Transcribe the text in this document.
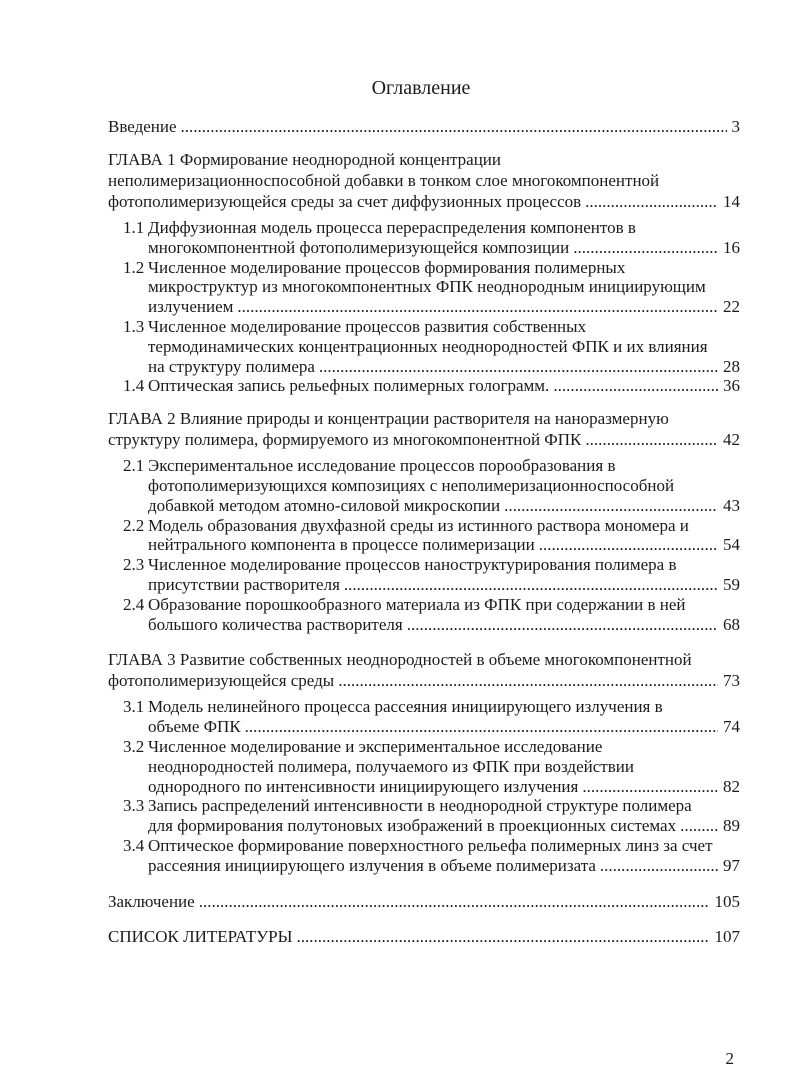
Оглавление
Введение .....	3
ГЛАВА 1 Формирование неоднородной концентрации
неполимеризационноспособной добавки в тонком слое многокомпонентной
фотополимеризующейся среды за счет диффузионных процессов .....	14
1.1 Диффузионная модель процесса перераспределения компонентов в
многокомпонентной фотополимеризующейся композиции .....	16
1.2 Численное моделирование процессов формирования полимерных
микроструктур из многокомпонентных ФПК неоднородным инициирующим
излучением .....	22
1.3 Численное моделирование процессов развития собственных
термодинамических концентрационных неоднородностей ФПК и их влияния
на структуру полимера .....	28
1.4 Оптическая запись рельефных полимерных голограмм. .....	36
ГЛАВА 2 Влияние природы и концентрации растворителя на наноразмерную
структуру полимера, формируемого из многокомпонентной ФПК .....	42
2.1 Экспериментальное исследование процессов порообразования в
фотополимеризующихся композициях с неполимеризационноспособной
добавкой методом атомно-силовой микроскопии .....	43
2.2 Модель образования двухфазной среды из истинного раствора мономера и
нейтрального компонента в процессе полимеризации .....	54
2.3 Численное моделирование процессов наноструктурирования полимера в
присутствии растворителя .....	59
2.4 Образование порошкообразного материала из ФПК при содержании в ней
большого количества растворителя .....	68
ГЛАВА 3 Развитие собственных неоднородностей в объеме многокомпонентной
фотополимеризующейся среды .....	73
3.1 Модель нелинейного процесса рассеяния инициирующего излучения в
объеме ФПК .....	74
3.2 Численное моделирование и экспериментальное исследование
неоднородностей полимера, получаемого из ФПК при воздействии
однородного по интенсивности инициирующего излучения .....	82
3.3 Запись распределений интенсивности в неоднородной структуре полимера
для формирования полутоновых изображений в проекционных системах .....	89
3.4 Оптическое формирование поверхностного рельефа полимерных линз за счет
рассеяния инициирующего излучения в объеме полимеризата .....	97
Заключение .....	105
СПИСОК ЛИТЕРАТУРЫ .....	107
2
